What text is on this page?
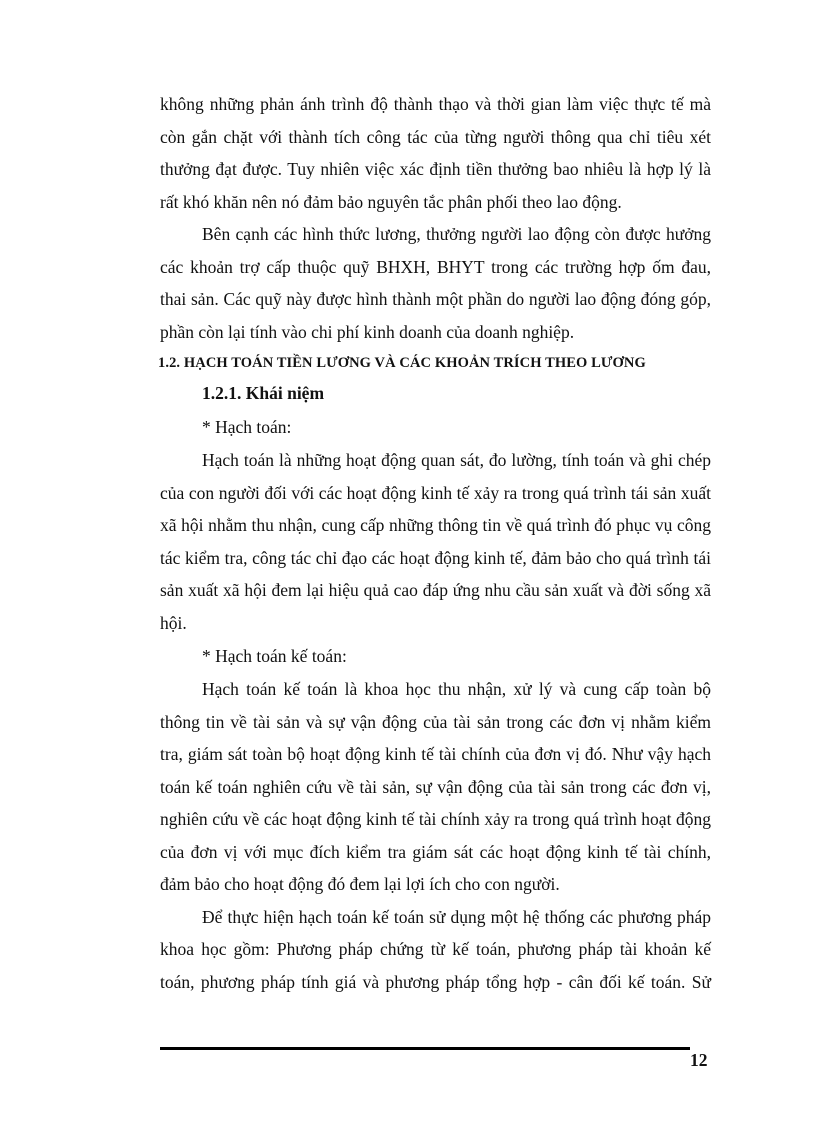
không những phản ánh trình độ thành thạo và thời gian làm việc thực tế mà
còn gắn chặt với thành tích công tác của từng người thông qua chỉ tiêu xét
thưởng đạt được. Tuy nhiên việc xác định tiền thưởng bao nhiêu là hợp lý là
rất khó khăn nên nó đảm bảo nguyên tắc phân phối theo lao động.
Bên cạnh các hình thức lương, thưởng người lao động còn được hưởng
các khoản trợ cấp thuộc quỹ BHXH, BHYT trong các trường hợp ốm đau,
thai sản. Các quỹ này được hình thành một phần do người lao động đóng góp,
phần còn lại tính vào chi phí kinh doanh của doanh nghiệp.
1.2. HẠCH TOÁN TIỀN LƯƠNG VÀ CÁC KHOẢN TRÍCH THEO LƯƠNG
1.2.1. Khái niệm
* Hạch toán:
Hạch toán là những hoạt động quan sát, đo lường, tính toán và ghi chép
của con người đối với các hoạt động kinh tế xảy ra trong quá trình tái sản xuất
xã hội nhằm thu nhận, cung cấp những thông tin về quá trình đó phục vụ công
tác kiểm tra, công tác chỉ đạo các hoạt động kinh tế, đảm bảo cho quá trình tái
sản xuất xã hội đem lại hiệu quả cao đáp ứng nhu cầu sản xuất và đời sống xã
hội.
* Hạch toán kế toán:
Hạch toán kế toán là khoa học thu nhận, xử lý và cung cấp toàn bộ
thông tin về tài sản và sự vận động của tài sản trong các đơn vị nhằm kiểm
tra, giám sát toàn bộ hoạt động kinh tế tài chính của đơn vị đó. Như vậy hạch
toán kế toán nghiên cứu về tài sản, sự vận động của tài sản trong các đơn vị,
nghiên cứu về các hoạt động kinh tế tài chính xảy ra trong quá trình hoạt động
của đơn vị với mục đích kiểm tra giám sát các hoạt động kinh tế tài chính,
đảm bảo cho hoạt động đó đem lại lợi ích cho con người.
Để thực hiện hạch toán kế toán sử dụng một hệ thống các phương pháp
khoa học gồm: Phương pháp chứng từ kế toán, phương pháp tài khoản kế
toán, phương pháp tính giá và phương pháp tổng hợp - cân đối kế toán. Sử
12
